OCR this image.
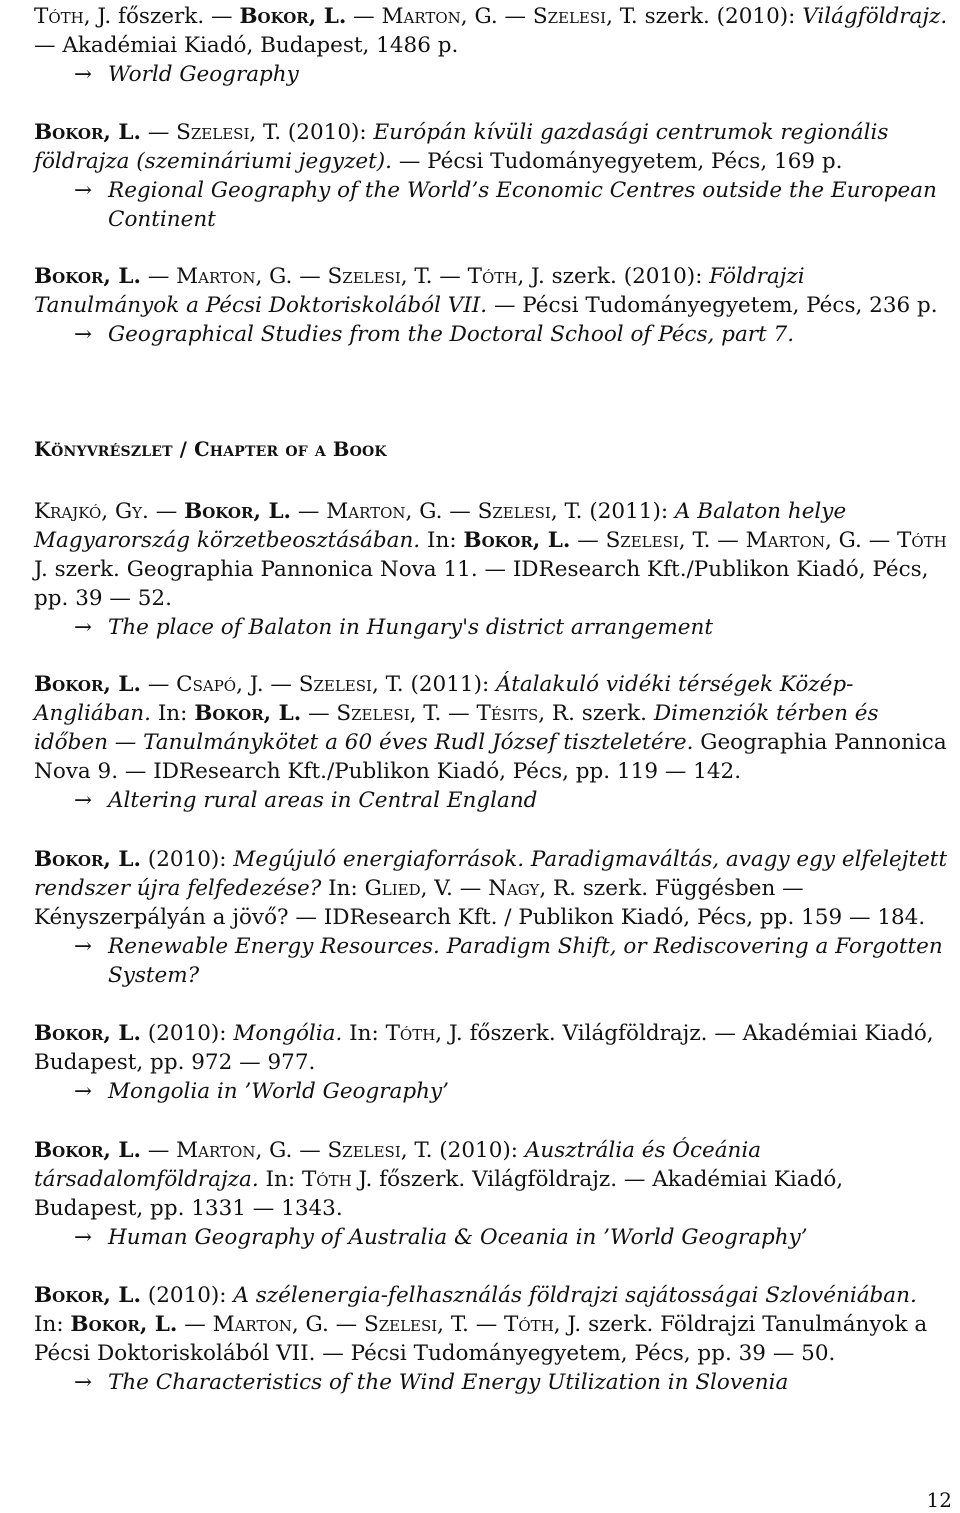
Tóth, J. főszerk. — Bokor, L. — Marton, G. — Szelesi, T. szerk. (2010): Világföldrajz. — Akadémiai Kiadó, Budapest, 1486 p.

→ World Geography

Bokor, L. — Szelesi, T. (2010): Európán kívüli gazdasági centrumok regionális földrajza (szemináriumi jegyzet). — Pécsi Tudományegyetem, Pécs, 169 p.

→ Regional Geography of the World’s Economic Centres outside the European Continent

Bokor, L. — Marton, G. — Szelesi, T. — Tóth, J. szerk. (2010): Földrajzi Tanulmányok a Pécsi Doktoriskolából VII. — Pécsi Tudományegyetem, Pécs, 236 p.

→ Geographical Studies from the Doctoral School of Pécs, part 7.

Könyvrészlet / Chapter of a Book

Krajkó, Gy. — Bokor, L. — Marton, G. — Szelesi, T. (2011): A Balaton helye Magyarország körzetbeosztásában. In: Bokor, L. — Szelesi, T. — Marton, G. — Tóth J. szerk. Geographia Pannonica Nova 11. — IDResearch Kft./Publikon Kiadó, Pécs, pp. 39 — 52.

→ The place of Balaton in Hungary's district arrangement

Bokor, L. — Csapó, J. — Szelesi, T. (2011): Átalakuló vidéki térségek Közép-Angliában. In: Bokor, L. — Szelesi, T. — Tésits, R. szerk. Dimenziók térben és időben — Tanulmánykötet a 60 éves Rudl József tiszteletére. Geographia Pannonica Nova 9. — IDResearch Kft./Publikon Kiadó, Pécs, pp. 119 — 142.

→ Altering rural areas in Central England

Bokor, L. (2010): Megújuló energiaforrások. Paradigmaváltás, avagy egy elfelejtett rendszer újra felfedezése? In: Glied, V. — Nagy, R. szerk. Függésben — Kényszerpályán a jövő? — IDResearch Kft. / Publikon Kiadó, Pécs, pp. 159 — 184.

→ Renewable Energy Resources. Paradigm Shift, or Rediscovering a Forgotten System?

Bokor, L. (2010): Mongólia. In: Tóth, J. főszerk. Világföldrajz. — Akadémiai Kiadó, Budapest, pp. 972 — 977.

→ Mongolia in ’World Geography’

Bokor, L. — Marton, G. — Szelesi, T. (2010): Ausztrália és Óceánia társadalomföldrajza. In: Tóth J. főszerk. Világföldrajz. — Akadémiai Kiadó, Budapest, pp. 1331 — 1343.

→ Human Geography of Australia & Oceania in ’World Geography’

Bokor, L. (2010): A szélenergia-felhasználás földrajzi sajátosságai Szlovéniában. In: Bokor, L. — Marton, G. — Szelesi, T. — Tóth, J. szerk. Földrajzi Tanulmányok a Pécsi Doktoriskolából VII. — Pécsi Tudományegyetem, Pécs, pp. 39 — 50.

→ The Characteristics of the Wind Energy Utilization in Slovenia

12
